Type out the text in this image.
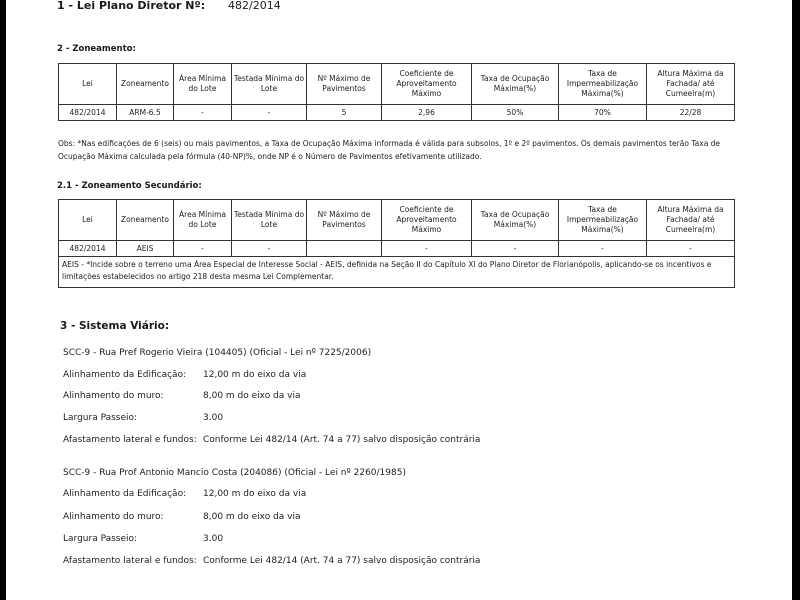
1 - Lei Plano Diretor Nº: 482/2014
2 - Zoneamento:
Lei	Zoneamento	Área Mínima do Lote	Testada Mínima do Lote	Nº Máximo de Pavimentos	Coeficiente de Aproveitamento Máximo	Taxa de Ocupação Máxima(%)	Taxa de Impermeabilização Máxima(%)	Altura Máxima da Fachada/ até Cumeeira(m)
482/2014	ARM-6.5	-	-	5	2,96	50%	70%	22/28
Obs: *Nas edificações de 6 (seis) ou mais pavimentos, a Taxa de Ocupação Máxima informada é válida para subsolos, 1º e 2º pavimentos. Os demais pavimentos terão Taxa de Ocupação Máxima calculada pela fórmula (40-NP)%, onde NP é o Número de Pavimentos efetivamente utilizado.
2.1 - Zoneamento Secundário:
Lei	Zoneamento	Área Mínima do Lote	Testada Mínima do Lote	Nº Máximo de Pavimentos	Coeficiente de Aproveitamento Máximo	Taxa de Ocupação Máxima(%)	Taxa de Impermeabilização Máxima(%)	Altura Máxima da Fachada/ até Cumeeira(m)
482/2014	AEIS	-	-		-	-	-	-
AEIS - *Incide sobre o terreno uma Área Especial de Interesse Social - AEIS, definida na Seção II do Capítulo XI do Plano Diretor de Florianópolis, aplicando-se os incentivos e limitações estabelecidos no artigo 218 desta mesma Lei Complementar.								
3 - Sistema Viário:
SCC-9 - Rua Pref Rogerio Vieira (104405) (Oficial - Lei nº 7225/2006)
Alinhamento da Edificação: 12,00 m do eixo da via
Alinhamento do muro:	8,00 m do eixo da via
Largura Passeio:	3.00
Afastamento lateral e fundos: Conforme Lei 482/14 (Art. 74 a 77) salvo disposição contrária
SCC-9 - Rua Prof Antonio Mancio Costa (204086) (Oficial - Lei nº 2260/1985)
Alinhamento da Edificação: 12,00 m do eixo da via
Alinhamento do muro:	8,00 m do eixo da via
Largura Passeio:	3.00
Afastamento lateral e fundos: Conforme Lei 482/14 (Art. 74 a 77) salvo disposição contrária
